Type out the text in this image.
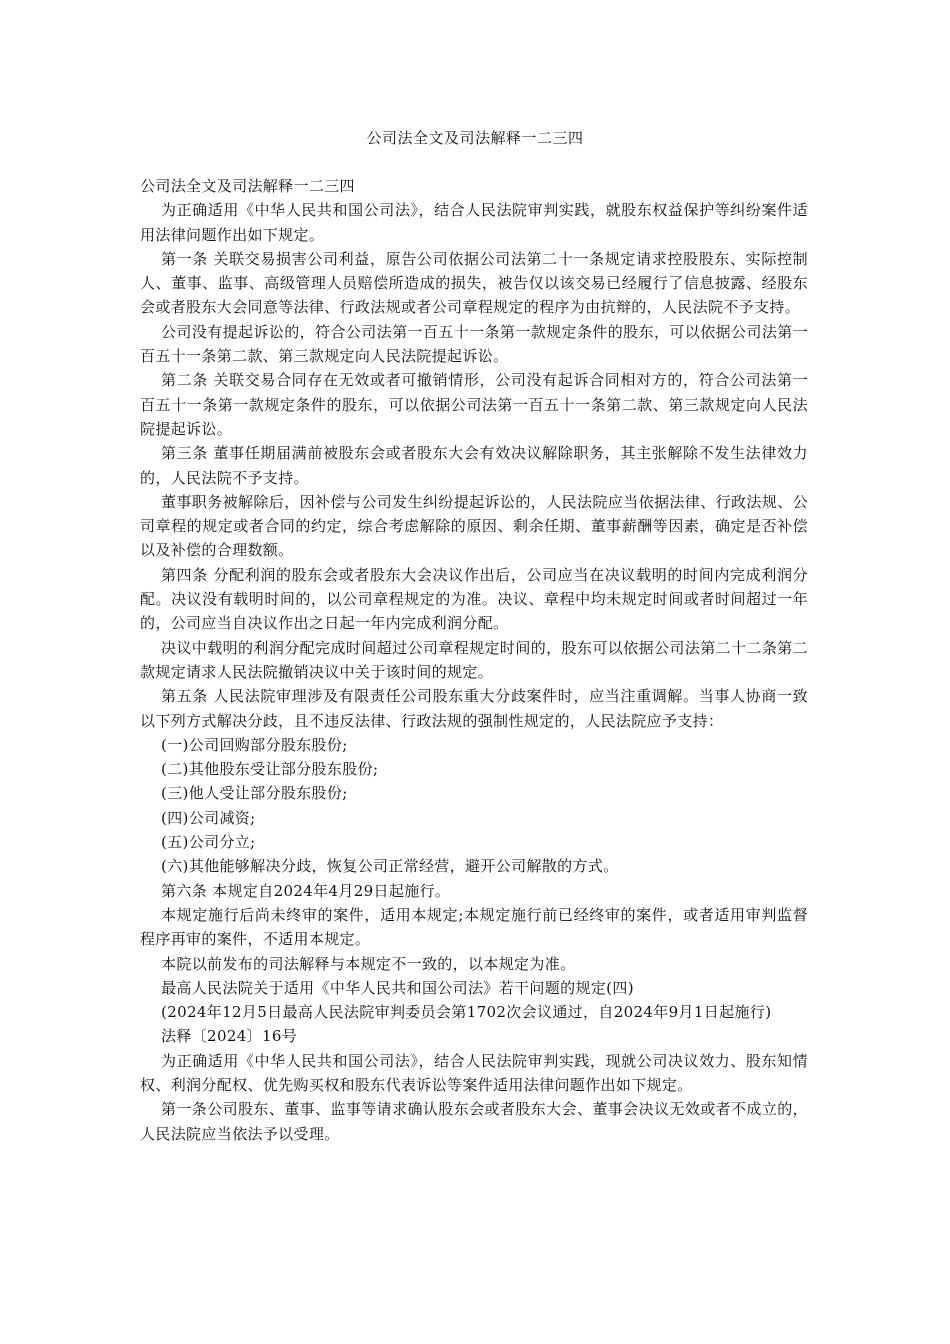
公司法全文及司法解释一二三四

公司法全文及司法解释一二三四

为正确适用《中华人民共和国公司法》，结合人民法院审判实践，就股东权益保护等纠纷案件适用法律问题作出如下规定。

第一条 关联交易损害公司利益，原告公司依据公司法第二十一条规定请求控股股东、实际控制人、董事、监事、高级管理人员赔偿所造成的损失，被告仅以该交易已经履行了信息披露、经股东会或者股东大会同意等法律、行政法规或者公司章程规定的程序为由抗辩的，人民法院不予支持。

公司没有提起诉讼的，符合公司法第一百五十一条第一款规定条件的股东，可以依据公司法第一百五十一条第二款、第三款规定向人民法院提起诉讼。

第二条 关联交易合同存在无效或者可撤销情形，公司没有起诉合同相对方的，符合公司法第一百五十一条第一款规定条件的股东，可以依据公司法第一百五十一条第二款、第三款规定向人民法院提起诉讼。

第三条 董事任期届满前被股东会或者股东大会有效决议解除职务，其主张解除不发生法律效力的，人民法院不予支持。

董事职务被解除后，因补偿与公司发生纠纷提起诉讼的，人民法院应当依据法律、行政法规、公司章程的规定或者合同的约定，综合考虑解除的原因、剩余任期、董事薪酬等因素，确定是否补偿以及补偿的合理数额。

第四条 分配利润的股东会或者股东大会决议作出后，公司应当在决议载明的时间内完成利润分配。决议没有载明时间的，以公司章程规定的为准。决议、章程中均未规定时间或者时间超过一年的，公司应当自决议作出之日起一年内完成利润分配。

决议中载明的利润分配完成时间超过公司章程规定时间的，股东可以依据公司法第二十二条第二款规定请求人民法院撤销决议中关于该时间的规定。

第五条 人民法院审理涉及有限责任公司股东重大分歧案件时，应当注重调解。当事人协商一致以下列方式解决分歧，且不违反法律、行政法规的强制性规定的，人民法院应予支持：

(一)公司回购部分股东股份;

(二)其他股东受让部分股东股份;

(三)他人受让部分股东股份;

(四)公司减资;

(五)公司分立;

(六)其他能够解决分歧，恢复公司正常经营，避开公司解散的方式。

第六条 本规定自2024年4月29日起施行。

本规定施行后尚未终审的案件，适用本规定;本规定施行前已经终审的案件，或者适用审判监督程序再审的案件，不适用本规定。

本院以前发布的司法解释与本规定不一致的，以本规定为准。

最高人民法院关于适用《中华人民共和国公司法》若干问题的规定(四)

(2024年12月5日最高人民法院审判委员会第1702次会议通过，自2024年9月1日起施行)

法释〔2024〕16号

为正确适用《中华人民共和国公司法》，结合人民法院审判实践，现就公司决议效力、股东知情权、利润分配权、优先购买权和股东代表诉讼等案件适用法律问题作出如下规定。

第一条公司股东、董事、监事等请求确认股东会或者股东大会、董事会决议无效或者不成立的，人民法院应当依法予以受理。
